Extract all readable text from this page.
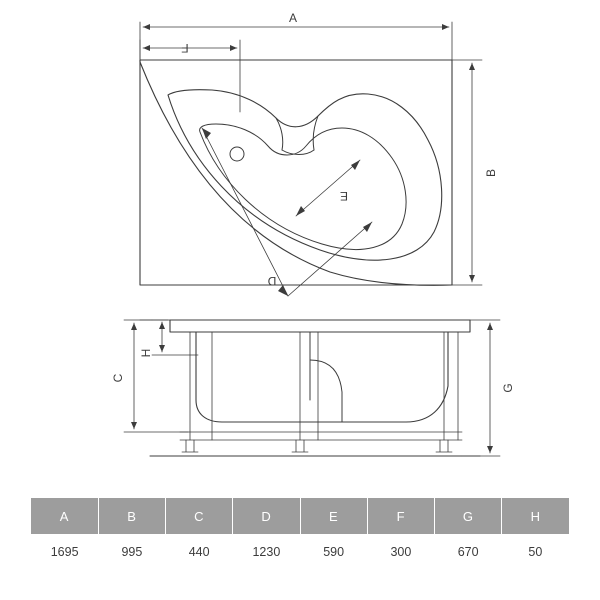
A
F
B
D
E
H
C
G
A	B	C	D	E	F	G	H
1695	995	440	1230	590	300	670	50
